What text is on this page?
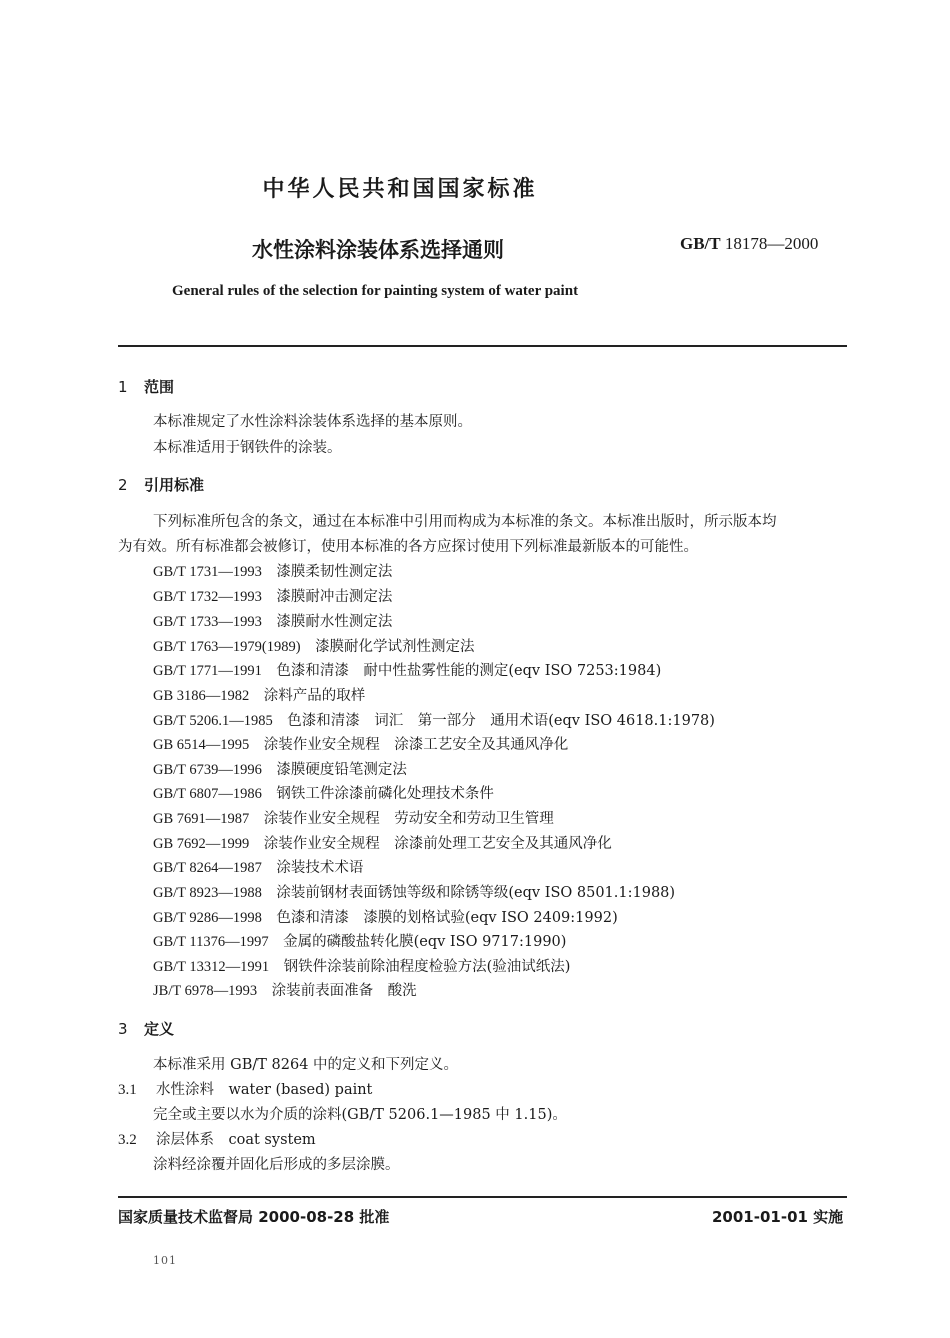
中华人民共和国国家标准
水性涂料涂装体系选择通则	GB/T 18178—2000
General rules of the selection for painting system of water paint
1 范围
本标准规定了水性涂料涂装体系选择的基本原则。
本标准适用于钢铁件的涂装。
2 引用标准
下列标准所包含的条文，通过在本标准中引用而构成为本标准的条文。本标准出版时，所示版本均
为有效。所有标准都会被修订，使用本标准的各方应探讨使用下列标准最新版本的可能性。
GB/T 1731—1993　 漆膜柔韧性测定法
GB/T 1732—1993　 漆膜耐冲击测定法
GB/T 1733—1993　 漆膜耐水性测定法
GB/T 1763—1979(1989)　 漆膜耐化学试剂性测定法
GB/T 1771—1991　 色漆和清漆　耐中性盐雾性能的测定(eqv ISO 7253:1984)
GB 3186—1982　 涂料产品的取样
GB/T 5206.1—1985　 色漆和清漆　词汇　第一部分　通用术语(eqv ISO 4618.1:1978)
GB 6514—1995　 涂装作业安全规程　涂漆工艺安全及其通风净化
GB/T 6739—1996　 漆膜硬度铅笔测定法
GB/T 6807—1986　 钢铁工件涂漆前磷化处理技术条件
GB 7691—1987　 涂装作业安全规程　劳动安全和劳动卫生管理
GB 7692—1999　 涂装作业安全规程　涂漆前处理工艺安全及其通风净化
GB/T 8264—1987　 涂装技术术语
GB/T 8923—1988　 涂装前钢材表面锈蚀等级和除锈等级(eqv ISO 8501.1:1988)
GB/T 9286—1998　 色漆和清漆　漆膜的划格试验(eqv ISO 2409:1992)
GB/T 11376—1997　 金属的磷酸盐转化膜(eqv ISO 9717:1990)
GB/T 13312—1991　 钢铁件涂装前除油程度检验方法(验油试纸法)
JB/T 6978—1993　 涂装前表面准备　酸洗
3 定义
本标准采用 GB/T 8264 中的定义和下列定义。
3.1 水性涂料　water (based) paint
完全或主要以水为介质的涂料(GB/T 5206.1—1985 中 1.15)。
3.2 涂层体系　coat system
涂料经涂覆并固化后形成的多层涂膜。
国家质量技术监督局 2000-08-28 批准	2001-01-01 实施
101
